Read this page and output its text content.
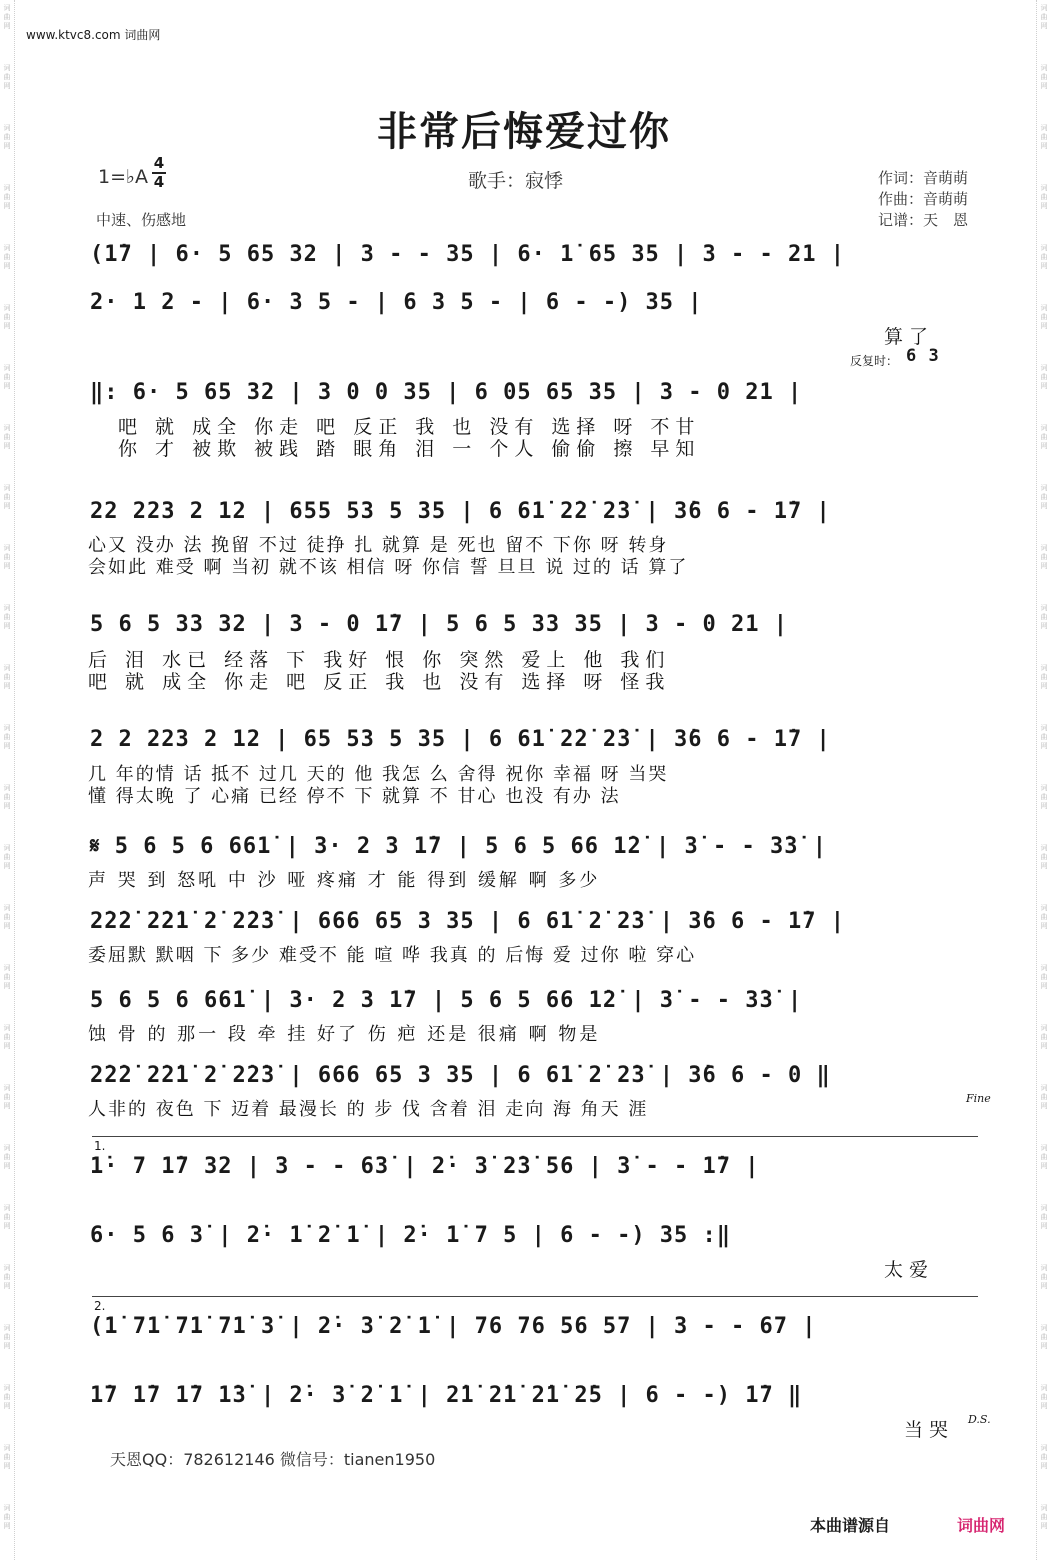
www.ktvc8.com 词曲网
非常后悔爱过你
1=♭A
4
4
中速、伤感地
歌手：寂悸	作词：音萌萌
作曲：音萌萌
记谱：天　恩
(1̇7 | 6· 5 65 32 | 3 - - 35 | 6· 1̇ 65 35 | 3 - - 21 |
2· 1 2 - | 6· 3 5 - | 6 3 5 - | 6 - -) 35 |
算了
反复时： 6 3
‖: 6· 5 65 32 | 3 0 0 35 | 6 05 65 35 | 3 - 0 21 |
吧 就 成全 你走 吧 反正 我 也 没有 选择 呀 不甘
你 才 被欺 被践 踏 眼角 泪 一 个人 偷偷 擦 早知
22 223 2 12 | 655 53 5 35 | 6 61̇ 2̇2̇ 2̇3̇ | 3̇6 6 - 1̇7 |
心又 没办 法 挽留 不过 徒挣 扎 就算 是 死也 留不 下你 呀 转身
会如此 难受 啊 当初 就不该 相信 呀 你信 誓 旦旦 说 过的 话 算了
5 6 5 33 32 | 3 - 0 1̇7 | 5 6 5 33 35 | 3 - 0 21 |
后 泪 水已 经落 下 我好 恨 你 突然 爱上 他 我们
吧 就 成全 你走 吧 反正 我 也 没有 选择 呀 怪我
2 2 223 2 12 | 65 53 5 35 | 6 61̇ 2̇2̇ 2̇3̇ | 3̇6 6 - 1̇7 |
几 年的情 话 抵不 过几 天的 他 我怎 么 舍得 祝你 幸福 呀 当哭
懂 得太晚 了 心痛 已经 停不 下 就算 不 甘心 也没 有办 法
𝄋 5 6 5 6 661̇ | 3· 2 3 1̇7 | 5 6 5 66 1̇2̇ | 3̇ - - 3̇3̇ |
声 哭 到 怒吼 中 沙 哑 疼痛 才 能 得到 缓解 啊 多少
2̇2̇2̇ 2̇2̇1̇ 2̇ 2̇2̇3̇ | 666 65 3 35 | 6 61̇ 2̇ 2̇3̇ | 3̇6 6 - 1̇7 |
委屈默 默咽 下 多少 难受不 能 喧 哗 我真 的 后悔 爱 过你 啦 穿心
5 6 5 6 661̇ | 3· 2 3 1̇7 | 5 6 5 66 1̇2̇ | 3̇ - - 3̇3̇ |
蚀 骨 的 那一 段 牵 挂 好了 伤 疤 还是 很痛 啊 物是
2̇2̇2̇ 2̇2̇1̇ 2̇ 2̇2̇3̇ | 666 65 3 35 | 6 61̇ 2̇ 2̇3̇ | 3̇6 6 - 0 ‖
人非的 夜色 下 迈着 最漫长 的 步 伐 含着 泪 走向 海 角天 涯
Fine
1.
1̇· 7 1̇7 32 | 3 - - 63̇ | 2̇· 3̇ 2̇3̇ 56 | 3̇ - - 1̇7 |
6· 5 6 3̇ | 2̇· 1̇ 2̇ 1̇ | 2̇· 1̇ 7 5 | 6 - -) 35 :‖
太爱
2.
(1̇ 71̇ 71̇ 71̇ 3̇ | 2̇· 3̇ 2̇ 1̇ | 76 76 56 57 | 3 - - 67 |
1̇7 1̇7 1̇7 1̇3̇ | 2̇· 3̇ 2̇ 1̇ | 2̇1̇ 2̇1̇ 2̇1̇ 2̇5 | 6 - -) 1̇7 ‖
当哭 D.S.
天恩QQ：782612146 微信号：tianen1950
本曲谱源自	词曲网
词
曲
网
词
曲
网
词
曲
网
词
曲
网
词
曲
网
词
曲
网
词
曲
网
词
曲
网
词
曲
网
词
曲
网
词
曲
网
词
曲
网
词
曲
网
词
曲
网
词
曲
网
词
曲
网
词
曲
网
词
曲
网
词
曲
网
词
曲
网
词
曲
网
词
曲
网
词
曲
网
词
曲
网
词
曲
网
词
曲
网
词
曲
网
词
曲
网
词
曲
网
词
曲
网
词
曲
网
词
曲
网
词
曲
网
词
曲
网
词
曲
网
词
曲
网
词
曲
网
词
曲
网
词
曲
网
词
曲
网
词
曲
网
词
曲
网
词
曲
网
词
曲
网
词
曲
网
词
曲
网
词
曲
网
词
曲
网
词
曲
网
词
曲
网
词
曲
网
词
曲
网
